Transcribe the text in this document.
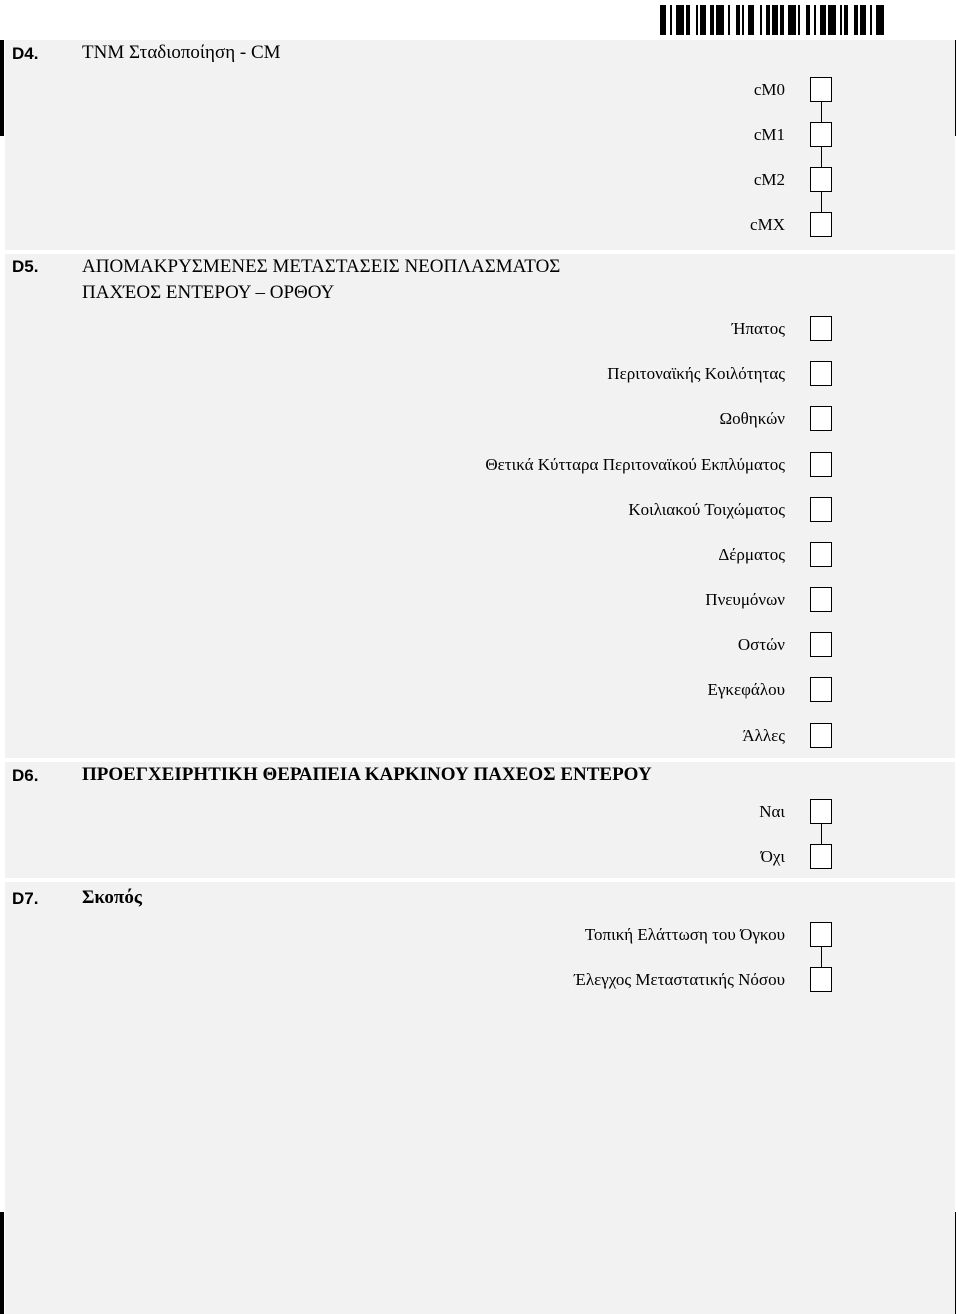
D4. TNM Σταδιοποίηση - CM
cM0
cM1
cM2
cMX
D5. ΑΠΟΜΑΚΡΥΣΜΕΝΕΣ ΜΕΤΑΣΤΑΣΕΙΣ ΝΕΟΠΛΑΣΜΑΤΟΣ
ΠΑΧΈΟΣ ΕΝΤΕΡΟΥ – ΟΡΘΟΥ
Ήπατος
Περιτοναϊκής Κοιλότητας
Ωοθηκών
Θετικά Κύτταρα Περιτοναϊκού Εκπλύματος
Κοιλιακού Τοιχώματος
Δέρματος
Πνευμόνων
Οστών
Εγκεφάλου
Άλλες
D6. ΠΡΟΕΓΧΕΙΡΗΤΙΚΗ ΘΕΡΑΠΕΙΑ ΚΑΡΚΙΝΟΥ ΠΑΧΕΟΣ ΕΝΤΕΡΟΥ
Ναι
Όχι
D7. Σκοπός
Τοπική Ελάττωση του Όγκου
Έλεγχος Μεταστατικής Νόσου
